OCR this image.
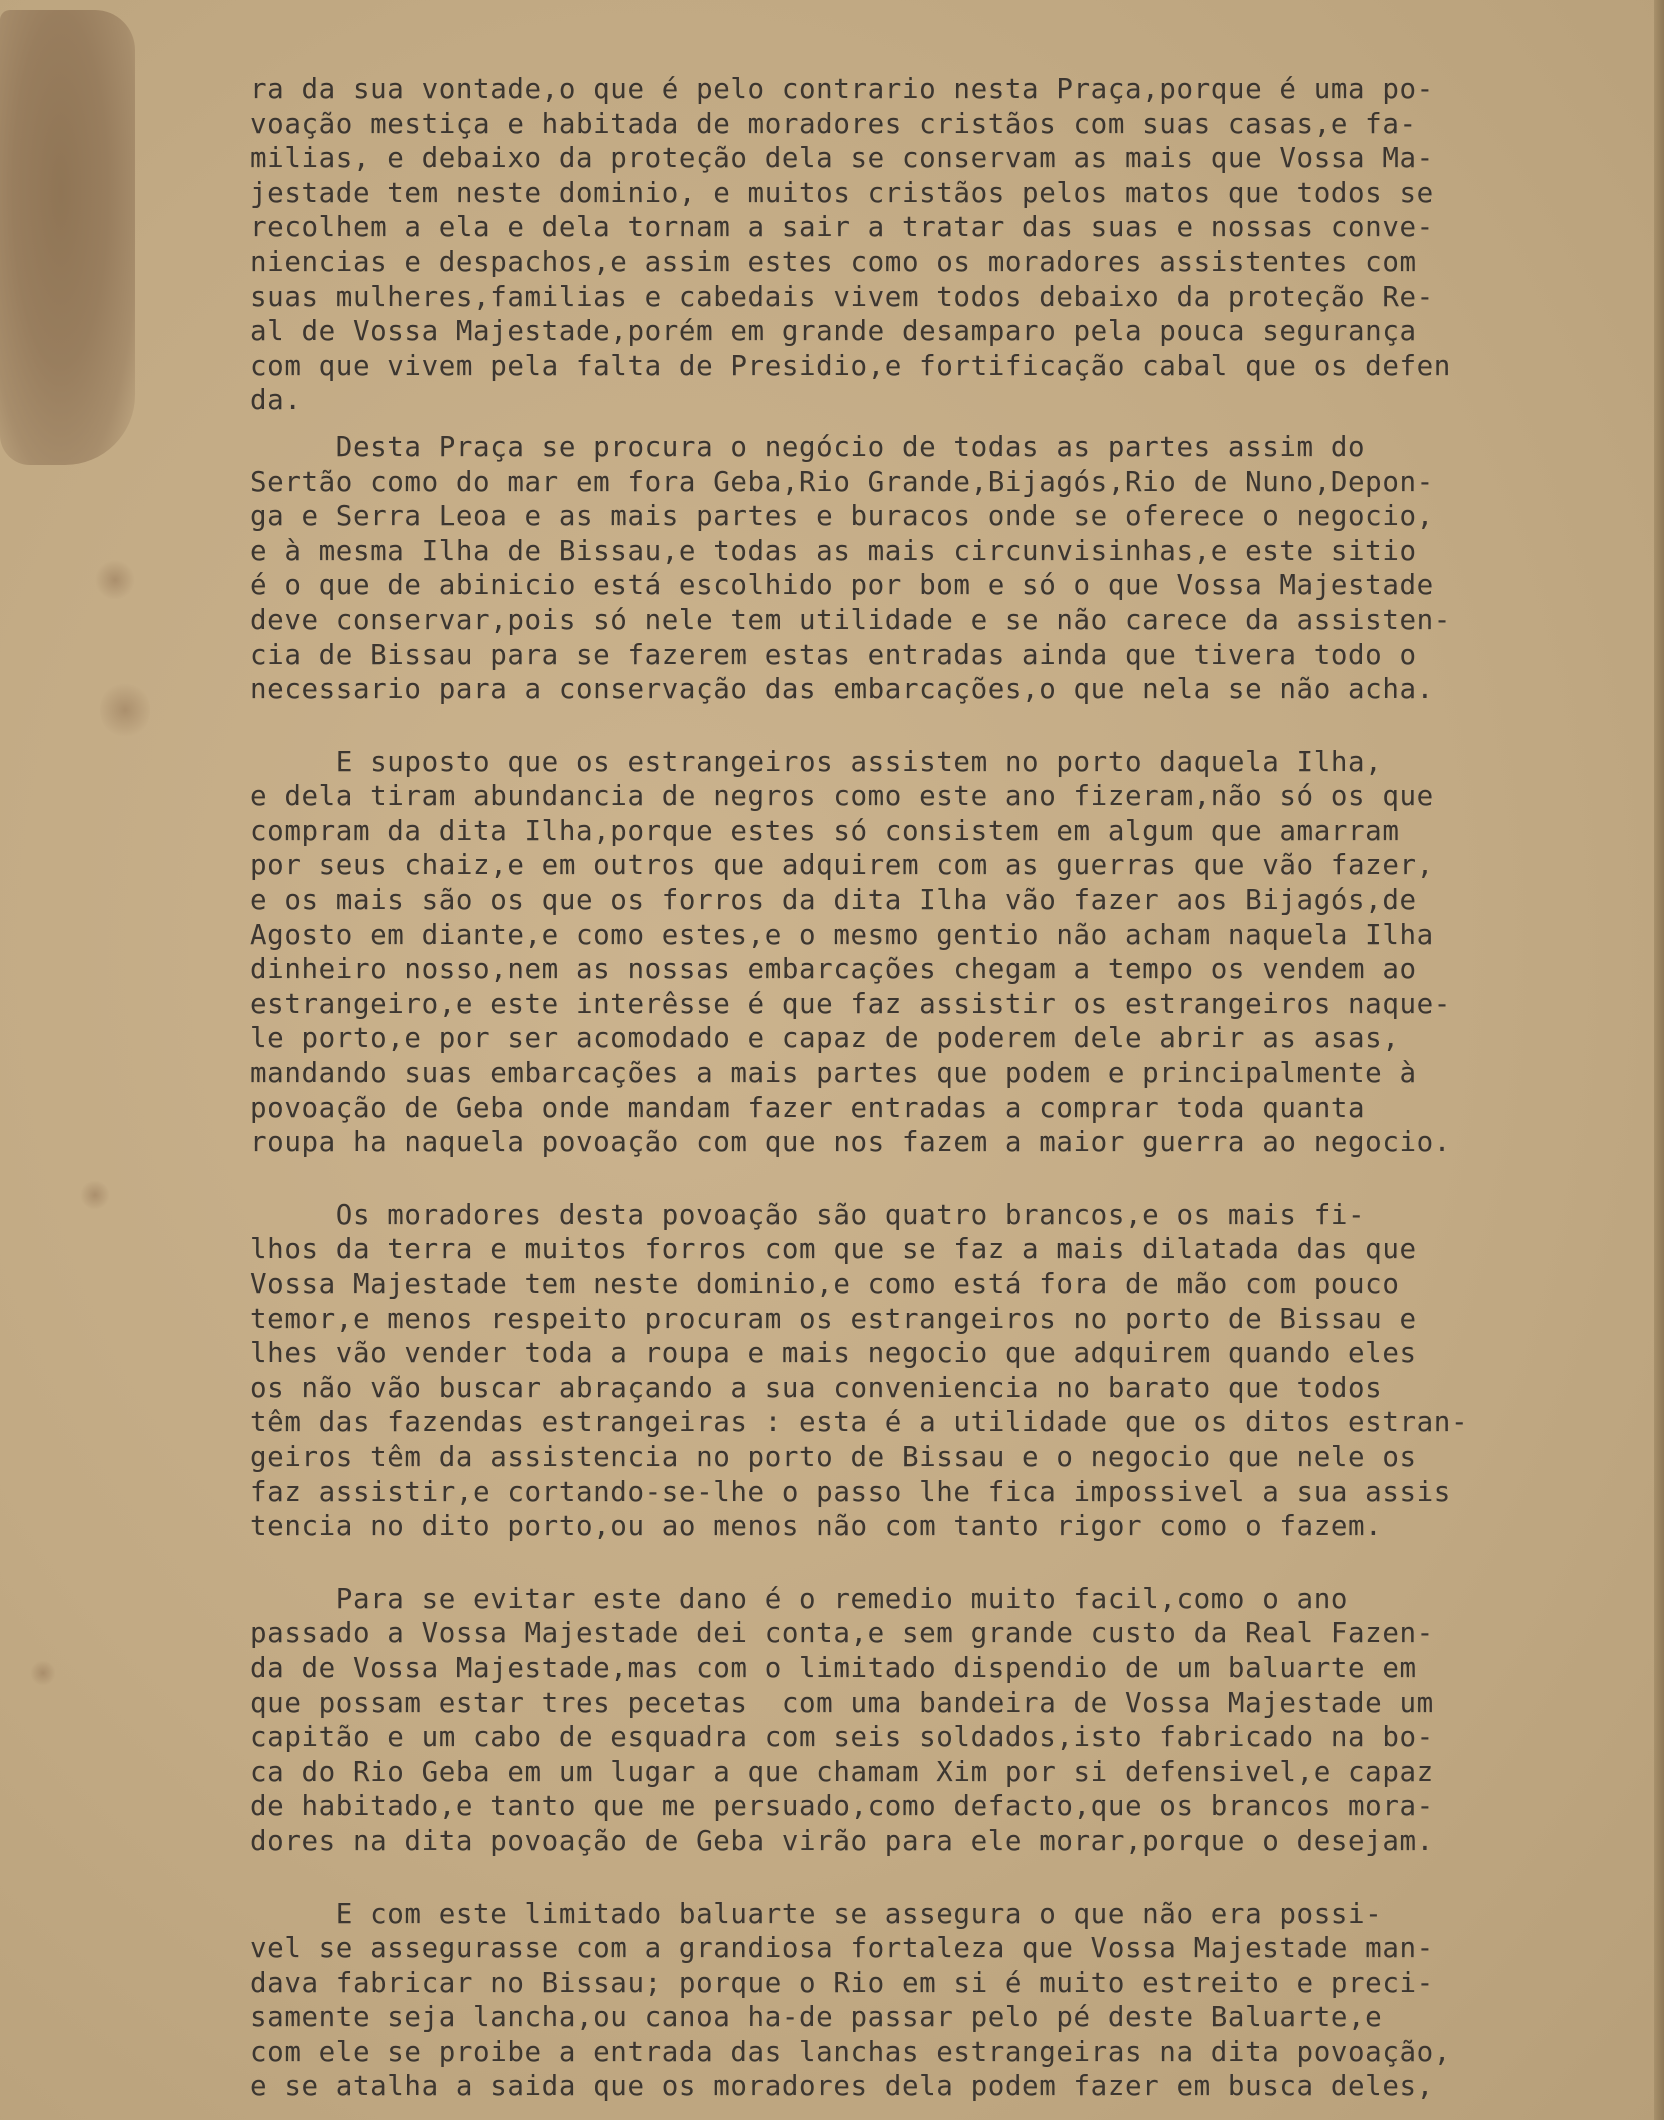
ra da sua vontade,o que é pelo contrario nesta Praça,porque é uma po-
voação mestiça e habitada de moradores cristãos com suas casas,e fa-
milias, e debaixo da proteção dela se conservam as mais que Vossa Ma-
jestade tem neste dominio, e muitos cristãos pelos matos que todos se
recolhem a ela e dela tornam a sair a tratar das suas e nossas conve-
niencias e despachos,e assim estes como os moradores assistentes com
suas mulheres,familias e cabedais vivem todos debaixo da proteção Re-
al de Vossa Majestade,porém em grande desamparo pela pouca segurança
com que vivem pela falta de Presidio,e fortificação cabal que os defen
da.
Desta Praça se procura o negócio de todas as partes assim do
Sertão como do mar em fora Geba,Rio Grande,Bijagós,Rio de Nuno,Depon-
ga e Serra Leoa e as mais partes e buracos onde se oferece o negocio,
e à mesma Ilha de Bissau,e todas as mais circunvisinhas,e este sitio
é o que de abinicio está escolhido por bom e só o que Vossa Majestade
deve conservar,pois só nele tem utilidade e se não carece da assisten-
cia de Bissau para se fazerem estas entradas ainda que tivera todo o
necessario para a conservação das embarcações,o que nela se não acha.
E suposto que os estrangeiros assistem no porto daquela Ilha,
e dela tiram abundancia de negros como este ano fizeram,não só os que
compram da dita Ilha,porque estes só consistem em algum que amarram
por seus chaiz,e em outros que adquirem com as guerras que vão fazer,
e os mais são os que os forros da dita Ilha vão fazer aos Bijagós,de
Agosto em diante,e como estes,e o mesmo gentio não acham naquela Ilha
dinheiro nosso,nem as nossas embarcações chegam a tempo os vendem ao
estrangeiro,e este interêsse é que faz assistir os estrangeiros naque-
le porto,e por ser acomodado e capaz de poderem dele abrir as asas,
mandando suas embarcações a mais partes que podem e principalmente à
povoação de Geba onde mandam fazer entradas a comprar toda quanta
roupa ha naquela povoação com que nos fazem a maior guerra ao negocio.
Os moradores desta povoação são quatro brancos,e os mais fi-
lhos da terra e muitos forros com que se faz a mais dilatada das que
Vossa Majestade tem neste dominio,e como está fora de mão com pouco
temor,e menos respeito procuram os estrangeiros no porto de Bissau e
lhes vão vender toda a roupa e mais negocio que adquirem quando eles
os não vão buscar abraçando a sua conveniencia no barato que todos
têm das fazendas estrangeiras : esta é a utilidade que os ditos estran-
geiros têm da assistencia no porto de Bissau e o negocio que nele os
faz assistir,e cortando-se-lhe o passo lhe fica impossivel a sua assis
tencia no dito porto,ou ao menos não com tanto rigor como o fazem.
Para se evitar este dano é o remedio muito facil,como o ano
passado a Vossa Majestade dei conta,e sem grande custo da Real Fazen-
da de Vossa Majestade,mas com o limitado dispendio de um baluarte em
que possam estar tres pecetas  com uma bandeira de Vossa Majestade um
capitão e um cabo de esquadra com seis soldados,isto fabricado na bo-
ca do Rio Geba em um lugar a que chamam Xim por si defensivel,e capaz
de habitado,e tanto que me persuado,como defacto,que os brancos mora-
dores na dita povoação de Geba virão para ele morar,porque o desejam.
E com este limitado baluarte se assegura o que não era possi-
vel se assegurasse com a grandiosa fortaleza que Vossa Majestade man-
dava fabricar no Bissau; porque o Rio em si é muito estreito e preci-
samente seja lancha,ou canoa ha-de passar pelo pé deste Baluarte,e
com ele se proibe a entrada das lanchas estrangeiras na dita povoação,
e se atalha a saida que os moradores dela podem fazer em busca deles,
